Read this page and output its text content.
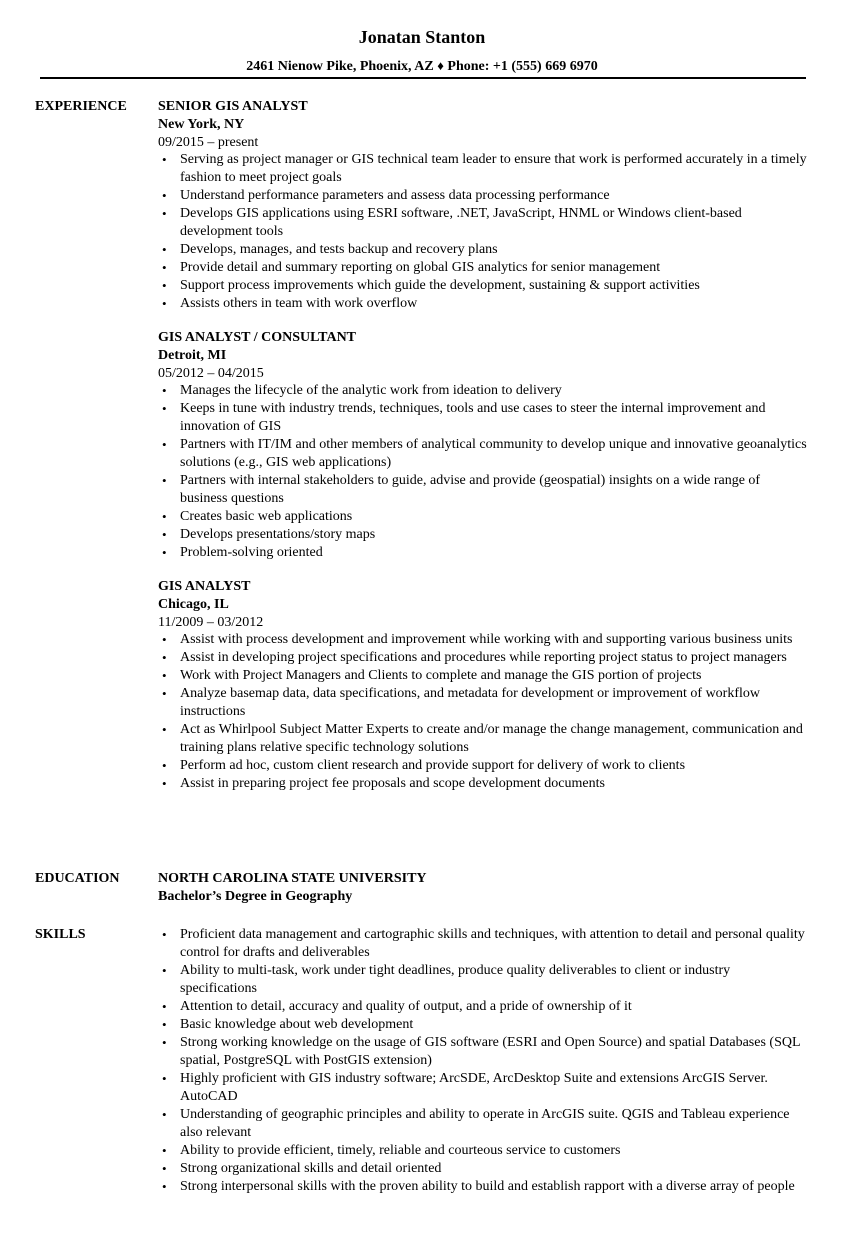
Jonatan Stanton
2461 Nienow Pike, Phoenix, AZ ♦ Phone: +1 (555) 669 6970
EXPERIENCE SENIOR GIS ANALYST
New York, NY
09/2015 – present
• Serving as project manager or GIS technical team leader to ensure that work is performed accurately in a timely fashion to meet project goals
• Understand performance parameters and assess data processing performance
• Develops GIS applications using ESRI software, .NET, JavaScript, HNML or Windows client-based development tools
• Develops, manages, and tests backup and recovery plans
• Provide detail and summary reporting on global GIS analytics for senior management
• Support process improvements which guide the development, sustaining & support activities
• Assists others in team with work overflow
GIS ANALYST / CONSULTANT
Detroit, MI
05/2012 – 04/2015
• Manages the lifecycle of the analytic work from ideation to delivery
• Keeps in tune with industry trends, techniques, tools and use cases to steer the internal improvement and innovation of GIS
• Partners with IT/IM and other members of analytical community to develop unique and innovative geoanalytics solutions (e.g., GIS web applications)
• Partners with internal stakeholders to guide, advise and provide (geospatial) insights on a wide range of business questions
• Creates basic web applications
• Develops presentations/story maps
• Problem-solving oriented
GIS ANALYST
Chicago, IL
11/2009 – 03/2012
• Assist with process development and improvement while working with and supporting various business units
• Assist in developing project specifications and procedures while reporting project status to project managers
• Work with Project Managers and Clients to complete and manage the GIS portion of projects
• Analyze basemap data, data specifications, and metadata for development or improvement of workflow instructions
• Act as Whirlpool Subject Matter Experts to create and/or manage the change management, communication and training plans relative specific technology solutions
• Perform ad hoc, custom client research and provide support for delivery of work to clients
• Assist in preparing project fee proposals and scope development documents
EDUCATION	NORTH CAROLINA STATE UNIVERSITY
Bachelor’s Degree in Geography
SKILLS
•	Proficient data management and cartographic skills and techniques, with attention to detail and personal quality control for drafts and deliverables
• Ability to multi-task, work under tight deadlines, produce quality deliverables to client or industry specifications
• Attention to detail, accuracy and quality of output, and a pride of ownership of it
• Basic knowledge about web development
• Strong working knowledge on the usage of GIS software (ESRI and Open Source) and spatial Databases (SQL spatial, PostgreSQL with PostGIS extension)
• Highly proficient with GIS industry software; ArcSDE, ArcDesktop Suite and extensions ArcGIS Server. AutoCAD
• Understanding of geographic principles and ability to operate in ArcGIS suite. QGIS and Tableau experience also relevant
• Ability to provide efficient, timely, reliable and courteous service to customers
• Strong organizational skills and detail oriented
• Strong interpersonal skills with the proven ability to build and establish rapport with a diverse array of people
